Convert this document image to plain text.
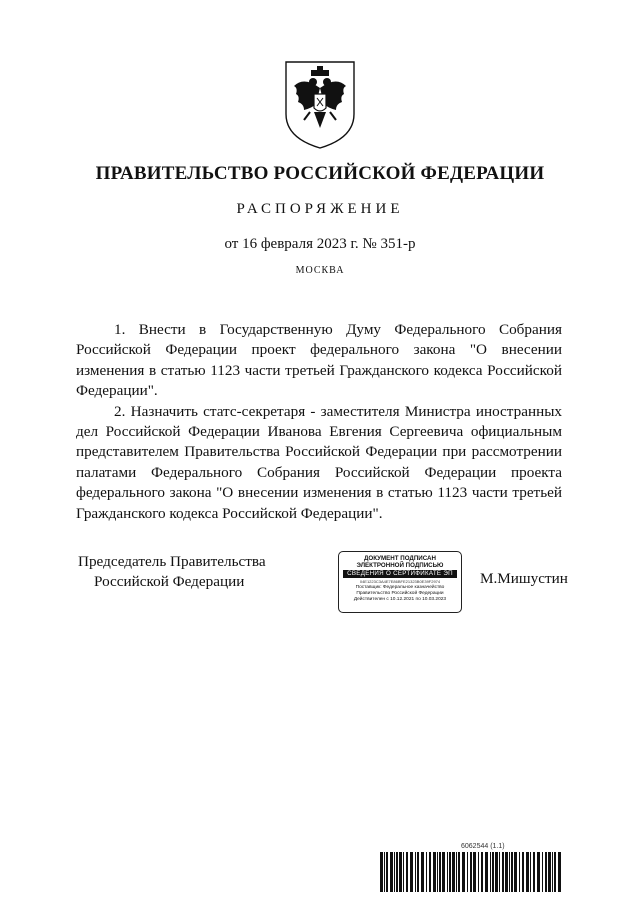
ПРАВИТЕЛЬСТВО РОССИЙСКОЙ ФЕДЕРАЦИИ
РАСПОРЯЖЕНИЕ
от 16 февраля 2023 г. № 351-р
МОСКВА

1. Внести в Государственную Думу Федерального Собрания Российской Федерации проект федерального закона "О внесении изменения в статью 1123 части третьей Гражданского кодекса Российской Федерации".

2. Назначить статс-секретаря - заместителя Министра иностранных дел Российской Федерации Иванова Евгения Сергеевича официальным представителем Правительства Российской Федерации при рассмотрении палатами Федерального Собрания Российской Федерации проекта федерального закона "О внесении изменения в статью 1123 части третьей Гражданского кодекса Российской Федерации".

Председатель Правительства
Российской Федерации
ДОКУМЕНТ ПОДПИСАН
ЭЛЕКТРОННОЙ ПОДПИСЬЮ
СВЕДЕНИЯ О СЕРТИФИКАТЕ ЭП
04E1223C3A4E7E86BFE21323B0E39F2974
Поставщик: Федеральное казначейство
Правительство Российской Федерации
Действителен с 10.12.2021 по 10.03.2023
М.Мишустин
6062544 (1.1)
